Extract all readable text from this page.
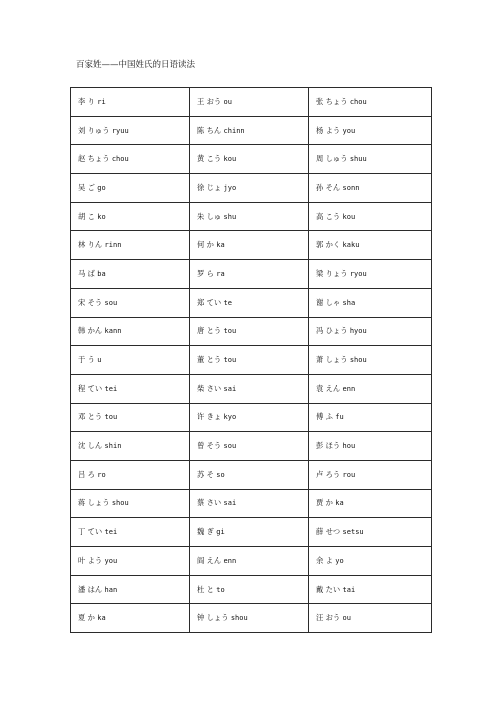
百家姓——中国姓氏的日语读法
李 り ri	王 おう ou	张 ちょう chou
刘 りゅう ryuu	陈 ちん chinn	杨 よう you
赵 ちょう chou	黄 こう kou	周 しゅう shuu
吴 ご go	徐 じょ jyo	孙 そん sonn
胡 こ ko	朱 しゅ shu	高 こう kou
林 りん rinn	何 か ka	郭 かく kaku
马 ば ba	罗 ら ra	梁 りょう ryou
宋 そう sou	郑 てい te	谢 しゃ sha
韩 かん kann	唐 とう tou	冯 ひょう hyou
于 う u	董 とう tou	萧 しょう shou
程 てい tei	柴 さい sai	袁 えん enn
邓 とう tou	许 きょ kyo	傅 ふ fu
沈 しん shin	曾 そう sou	彭 ほう hou
吕 ろ ro	苏 そ so	卢 ろう rou
蒋 しょう shou	蔡 さい sai	贾 か ka
丁 てい tei	魏 ぎ gi	薛 せつ setsu
叶 よう you	阎 えん enn	余 よ yo
潘 はん han	杜 と to	戴 たい tai
夏 か ka	钟 しょう shou	汪 おう ou
